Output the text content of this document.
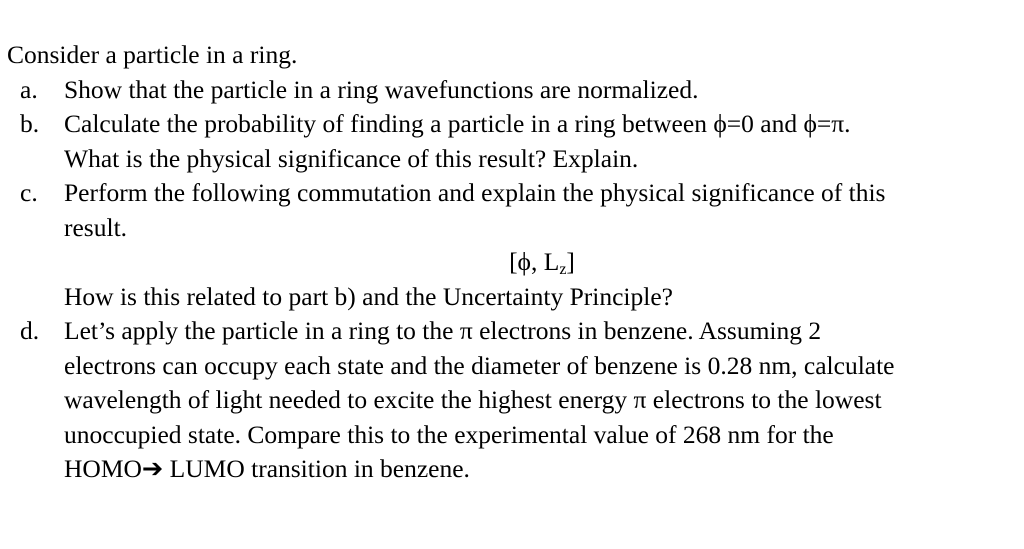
Consider a particle in a ring.
a.	Show that the particle in a ring wavefunctions are normalized.
b. Calculate the probability of finding a particle in a ring between ϕ=0 and ϕ=π.
What is the physical significance of this result? Explain.
c.	Perform the following commutation and explain the physical significance of this
result.
[ϕ, $L_z$]
How is this related to part b) and the Uncertainty Principle?
d. Let’s apply the particle in a ring to the π electrons in benzene. Assuming 2
electrons can occupy each state and the diameter of benzene is 0.28 nm, calculate
wavelength of light needed to excite the highest energy π electrons to the lowest
unoccupied state. Compare this to the experimental value of 268 nm for the
HOMO➔ LUMO transition in benzene.
